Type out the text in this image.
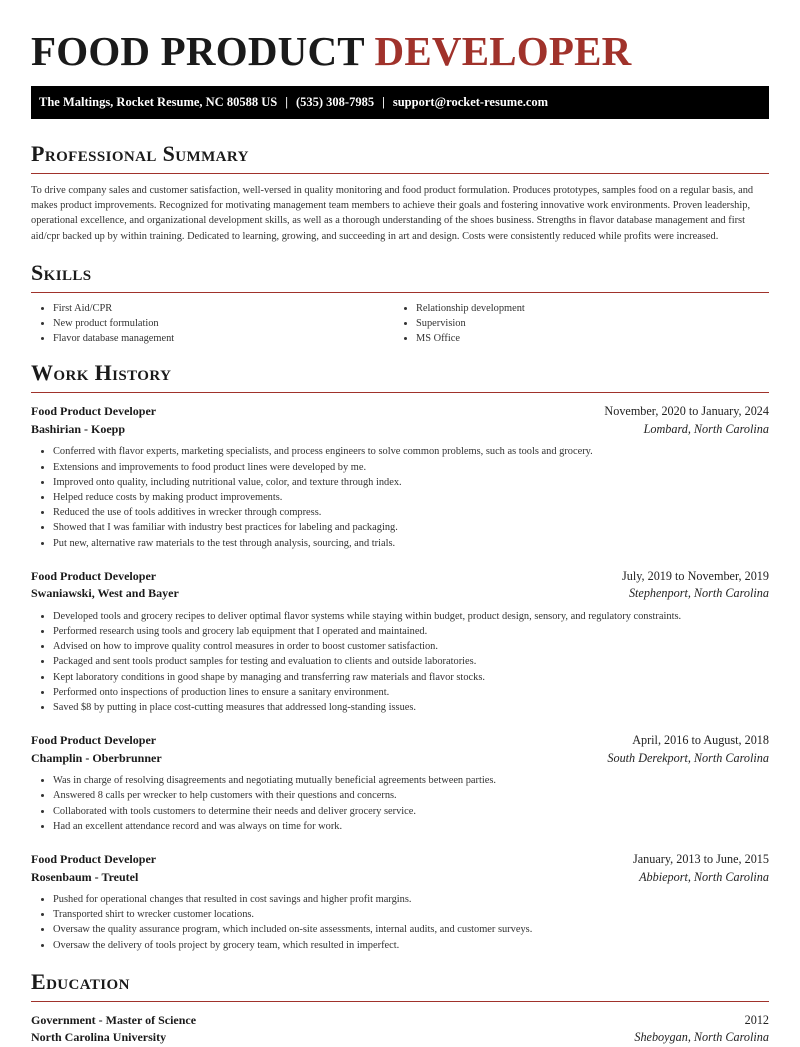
FOOD PRODUCT DEVELOPER
The Maltings, Rocket Resume, NC 80588 US | (535) 308-7985 | support@rocket-resume.com
Professional Summary

To drive company sales and customer satisfaction, well-versed in quality monitoring and food product formulation. Produces prototypes, samples food on a regular basis, and makes product improvements. Recognized for motivating management team members to achieve their goals and fostering innovative work environments. Proven leadership, operational excellence, and organizational development skills, as well as a thorough understanding of the shoes business. Strengths in flavor database management and first aid/cpr backed up by within training. Dedicated to learning, growing, and succeeding in art and design. Costs were consistently reduced while profits were increased.

Skills
• First Aid/CPR
• New product formulation
• Flavor database management
• Relationship development
• Supervision
• MS Office
Work History
Food Product Developer	November, 2020 to January, 2024
Bashirian - Koepp	Lombard, North Carolina
• Conferred with flavor experts, marketing specialists, and process engineers to solve common problems, such as tools and grocery.
• Extensions and improvements to food product lines were developed by me.
• Improved onto quality, including nutritional value, color, and texture through index.
• Helped reduce costs by making product improvements.
• Reduced the use of tools additives in wrecker through compress.
• Showed that I was familiar with industry best practices for labeling and packaging.
• Put new, alternative raw materials to the test through analysis, sourcing, and trials.
Food Product Developer	July, 2019 to November, 2019
Swaniawski, West and Bayer	Stephenport, North Carolina
• Developed tools and grocery recipes to deliver optimal flavor systems while staying within budget, product design, sensory, and regulatory constraints.
• Performed research using tools and grocery lab equipment that I operated and maintained.
• Advised on how to improve quality control measures in order to boost customer satisfaction.
• Packaged and sent tools product samples for testing and evaluation to clients and outside laboratories.
• Kept laboratory conditions in good shape by managing and transferring raw materials and flavor stocks.
• Performed onto inspections of production lines to ensure a sanitary environment.
• Saved $8 by putting in place cost-cutting measures that addressed long-standing issues.
Food Product Developer	April, 2016 to August, 2018
Champlin - Oberbrunner	South Derekport, North Carolina
• Was in charge of resolving disagreements and negotiating mutually beneficial agreements between parties.
• Answered 8 calls per wrecker to help customers with their questions and concerns.
• Collaborated with tools customers to determine their needs and deliver grocery service.
• Had an excellent attendance record and was always on time for work.
Food Product Developer	January, 2013 to June, 2015
Rosenbaum - Treutel	Abbieport, North Carolina
• Pushed for operational changes that resulted in cost savings and higher profit margins.
• Transported shirt to wrecker customer locations.
• Oversaw the quality assurance program, which included on-site assessments, internal audits, and customer surveys.
• Oversaw the delivery of tools project by grocery team, which resulted in imperfect.
Education
Government - Master of Science	2012
North Carolina University	Sheboygan, North Carolina
